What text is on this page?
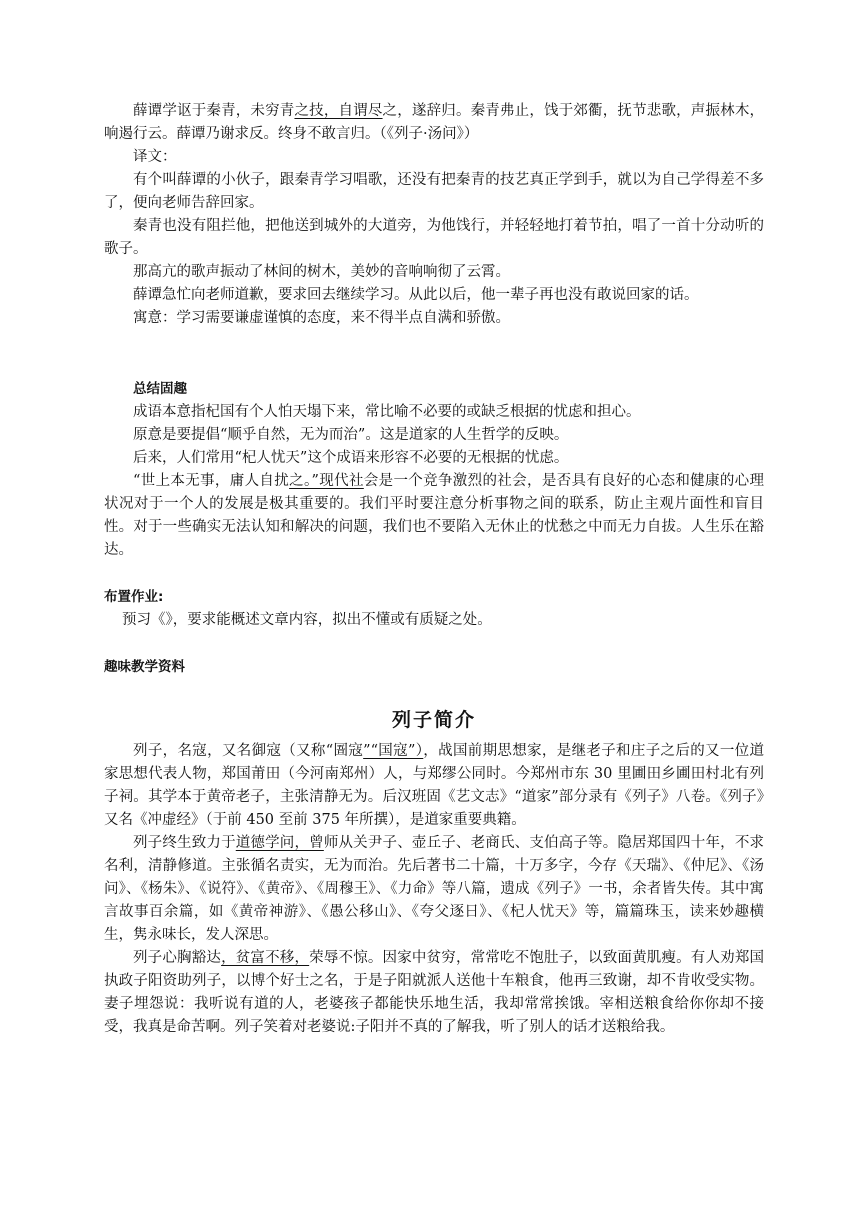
薛谭学讴于秦青，未穷青之技，自谓尽之，遂辞归。秦青弗止，饯于郊衢，抚节悲歌，声振林木，响遏行云。薛谭乃谢求反。终身不敢言归。（《列子·汤问》）

译文：

有个叫薛谭的小伙子，跟秦青学习唱歌，还没有把秦青的技艺真正学到手，就以为自己学得差不多了，便向老师告辞回家。

秦青也没有阻拦他，把他送到城外的大道旁，为他饯行，并轻轻地打着节拍，唱了一首十分动听的歌子。

那高亢的歌声振动了林间的树木，美妙的音响响彻了云霄。

薛谭急忙向老师道歉，要求回去继续学习。从此以后，他一辈子再也没有敢说回家的话。

寓意：学习需要谦虚谨慎的态度，来不得半点自满和骄傲。

总结固趣

成语本意指杞国有个人怕天塌下来，常比喻不必要的或缺乏根据的忧虑和担心。

原意是要提倡“顺乎自然，无为而治”。这是道家的人生哲学的反映。

后来，人们常用“杞人忧天”这个成语来形容不必要的无根据的忧虑。

“世上本无事，庸人自扰之。”现代社会是一个竞争激烈的社会，是否具有良好的心态和健康的心理状况对于一个人的发展是极其重要的。我们平时要注意分析事物之间的联系，防止主观片面性和盲目性。对于一些确实无法认知和解决的问题，我们也不要陷入无休止的忧愁之中而无力自拔。人生乐在豁达。

布置作业:

预习《》，要求能概述文章内容，拟出不懂或有质疑之处。

趣味教学资料

列子简介

列子，名寇，又名御寇（又称“圄寇”“国寇”），战国前期思想家，是继老子和庄子之后的又一位道家思想代表人物，郑国莆田（今河南郑州）人，与郑缪公同时。今郑州市东 30 里圃田乡圃田村北有列子祠。其学本于黄帝老子，主张清静无为。后汉班固《艺文志》“道家”部分录有《列子》八卷。《列子》又名《冲虚经》（于前 450 至前 375 年所撰），是道家重要典籍。

列子终生致力于道德学问，曾师从关尹子、壶丘子、老商氏、支伯高子等。隐居郑国四十年，不求名利，清静修道。主张循名责实，无为而治。先后著书二十篇，十万多字，今存《天瑞》、《仲尼》、《汤问》、《杨朱》、《说符》、《黄帝》、《周穆王》、《力命》等八篇，遗成《列子》一书，余者皆失传。其中寓言故事百余篇，如《黄帝神游》、《愚公移山》、《夸父逐日》、《杞人忧天》等，篇篇珠玉，读来妙趣横生，隽永味长，发人深思。

列子心胸豁达，贫富不移，荣辱不惊。因家中贫穷，常常吃不饱肚子，以致面黄肌瘦。有人劝郑国执政子阳资助列子，以博个好士之名，于是子阳就派人送他十车粮食，他再三致谢，却不肯收受实物。妻子埋怨说：我听说有道的人，老婆孩子都能快乐地生活，我却常常挨饿。宰相送粮食给你你却不接受，我真是命苦啊。列子笑着对老婆说:子阳并不真的了解我，听了别人的话才送粮给我。
